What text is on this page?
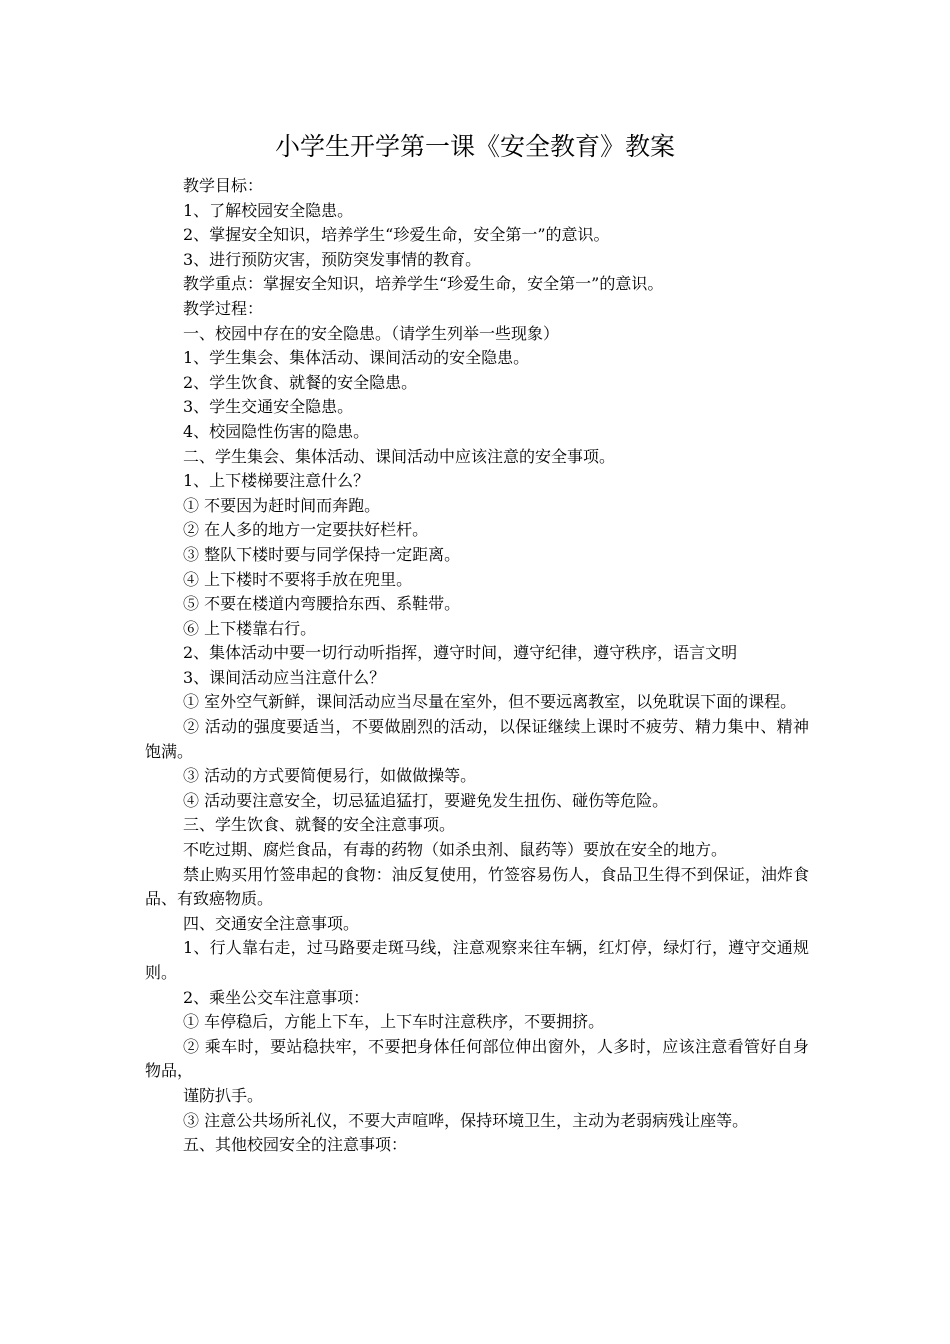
小学生开学第一课《安全教育》教案

教学目标：

1、了解校园安全隐患。

2、掌握安全知识，培养学生“珍爱生命，安全第一”的意识。

3、进行预防灾害，预防突发事情的教育。

教学重点：掌握安全知识，培养学生“珍爱生命，安全第一”的意识。

教学过程：

一、校园中存在的安全隐患。（请学生列举一些现象）

1、学生集会、集体活动、课间活动的安全隐患。

2、学生饮食、就餐的安全隐患。

3、学生交通安全隐患。

4、校园隐性伤害的隐患。

二、学生集会、集体活动、课间活动中应该注意的安全事项。

1、上下楼梯要注意什么？

① 不要因为赶时间而奔跑。

② 在人多的地方一定要扶好栏杆。

③ 整队下楼时要与同学保持一定距离。

④ 上下楼时不要将手放在兜里。

⑤ 不要在楼道内弯腰拾东西、系鞋带。

⑥ 上下楼靠右行。

2、集体活动中要一切行动听指挥，遵守时间，遵守纪律，遵守秩序，语言文明

3、课间活动应当注意什么？

① 室外空气新鲜，课间活动应当尽量在室外，但不要远离教室，以免耽误下面的课程。

② 活动的强度要适当，不要做剧烈的活动，以保证继续上课时不疲劳、精力集中、精神饱满。

③ 活动的方式要简便易行，如做做操等。

④ 活动要注意安全，切忌猛追猛打，要避免发生扭伤、碰伤等危险。

三、学生饮食、就餐的安全注意事项。

不吃过期、腐烂食品，有毒的药物（如杀虫剂、鼠药等）要放在安全的地方。

禁止购买用竹签串起的食物：油反复使用，竹签容易伤人，食品卫生得不到保证，油炸食品、有致癌物质。

四、交通安全注意事项。

1、行人靠右走，过马路要走斑马线，注意观察来往车辆，红灯停，绿灯行，遵守交通规则。

2、乘坐公交车注意事项：

① 车停稳后，方能上下车，上下车时注意秩序，不要拥挤。

② 乘车时，要站稳扶牢，不要把身体任何部位伸出窗外，人多时，应该注意看管好自身物品，

谨防扒手。

③ 注意公共场所礼仪，不要大声喧哗，保持环境卫生，主动为老弱病残让座等。

五、其他校园安全的注意事项：
